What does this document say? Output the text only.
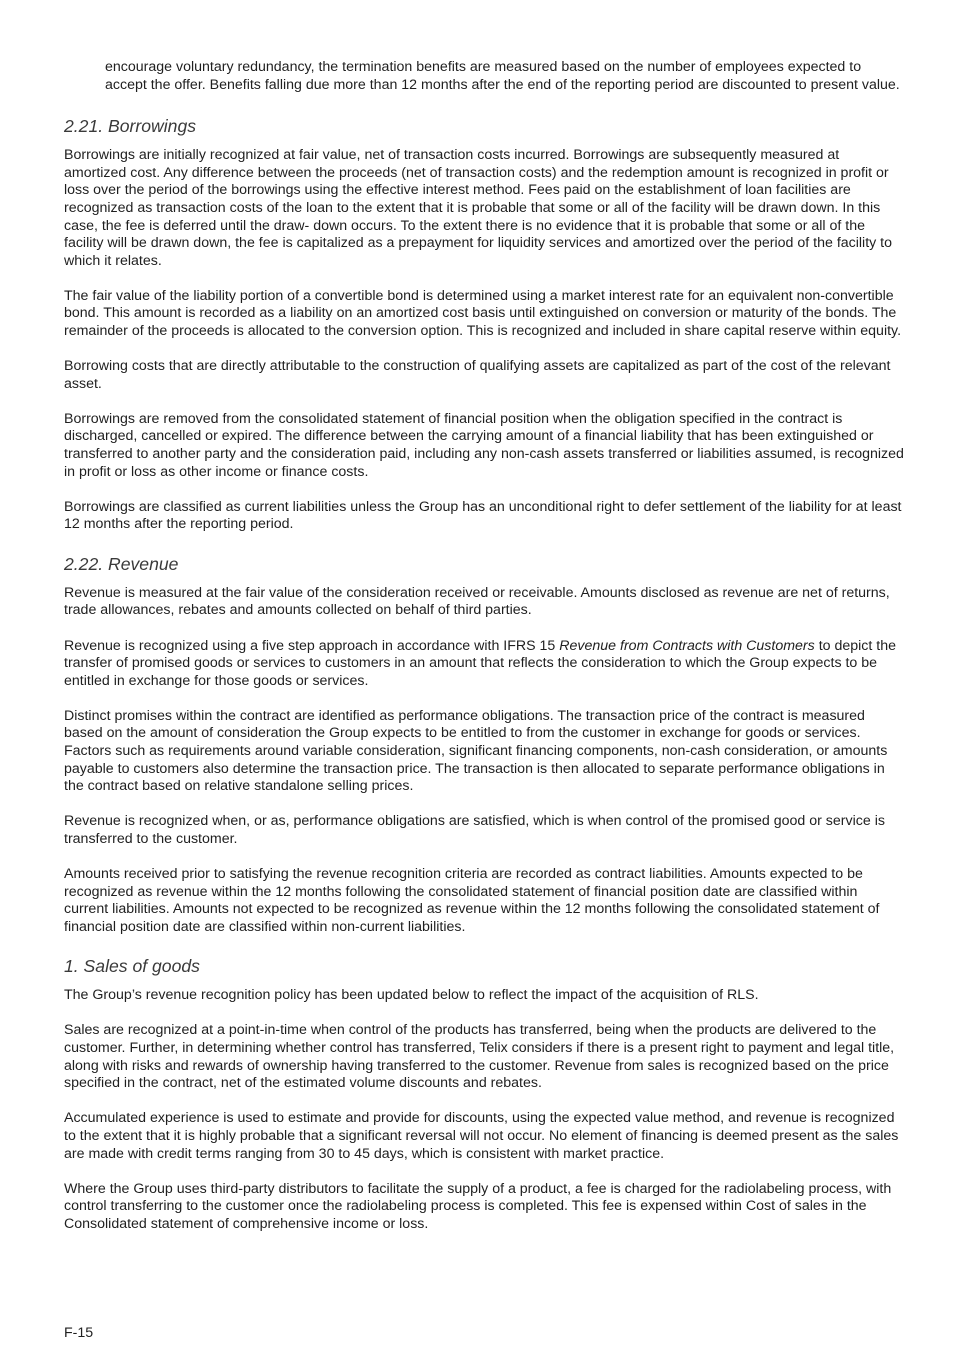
encourage voluntary redundancy, the termination benefits are measured based on the number of employees expected to accept the offer. Benefits falling due more than 12 months after the end of the reporting period are discounted to present value.

2.21. Borrowings

Borrowings are initially recognized at fair value, net of transaction costs incurred. Borrowings are subsequently measured at amortized cost. Any difference between the proceeds (net of transaction costs) and the redemption amount is recognized in profit or loss over the period of the borrowings using the effective interest method. Fees paid on the establishment of loan facilities are recognized as transaction costs of the loan to the extent that it is probable that some or all of the facility will be drawn down. In this case, the fee is deferred until the draw- down occurs. To the extent there is no evidence that it is probable that some or all of the facility will be drawn down, the fee is capitalized as a prepayment for liquidity services and amortized over the period of the facility to which it relates.

The fair value of the liability portion of a convertible bond is determined using a market interest rate for an equivalent non-convertible bond. This amount is recorded as a liability on an amortized cost basis until extinguished on conversion or maturity of the bonds. The remainder of the proceeds is allocated to the conversion option. This is recognized and included in share capital reserve within equity.

Borrowing costs that are directly attributable to the construction of qualifying assets are capitalized as part of the cost of the relevant asset.

Borrowings are removed from the consolidated statement of financial position when the obligation specified in the contract is discharged, cancelled or expired. The difference between the carrying amount of a financial liability that has been extinguished or transferred to another party and the consideration paid, including any non-cash assets transferred or liabilities assumed, is recognized in profit or loss as other income or finance costs.

Borrowings are classified as current liabilities unless the Group has an unconditional right to defer settlement of the liability for at least 12 months after the reporting period.

2.22. Revenue

Revenue is measured at the fair value of the consideration received or receivable. Amounts disclosed as revenue are net of returns, trade allowances, rebates and amounts collected on behalf of third parties.

Revenue is recognized using a five step approach in accordance with IFRS 15 Revenue from Contracts with Customers to depict the transfer of promised goods or services to customers in an amount that reflects the consideration to which the Group expects to be entitled in exchange for those goods or services.

Distinct promises within the contract are identified as performance obligations. The transaction price of the contract is measured based on the amount of consideration the Group expects to be entitled to from the customer in exchange for goods or services. Factors such as requirements around variable consideration, significant financing components, non-cash consideration, or amounts payable to customers also determine the transaction price. The transaction is then allocated to separate performance obligations in the contract based on relative standalone selling prices.

Revenue is recognized when, or as, performance obligations are satisfied, which is when control of the promised good or service is transferred to the customer.

Amounts received prior to satisfying the revenue recognition criteria are recorded as contract liabilities. Amounts expected to be recognized as revenue within the 12 months following the consolidated statement of financial position date are classified within current liabilities. Amounts not expected to be recognized as revenue within the 12 months following the consolidated statement of financial position date are classified within non-current liabilities.

1. Sales of goods

The Group’s revenue recognition policy has been updated below to reflect the impact of the acquisition of RLS.

Sales are recognized at a point-in-time when control of the products has transferred, being when the products are delivered to the customer. Further, in determining whether control has transferred, Telix considers if there is a present right to payment and legal title, along with risks and rewards of ownership having transferred to the customer. Revenue from sales is recognized based on the price specified in the contract, net of the estimated volume discounts and rebates.

Accumulated experience is used to estimate and provide for discounts, using the expected value method, and revenue is recognized to the extent that it is highly probable that a significant reversal will not occur. No element of financing is deemed present as the sales are made with credit terms ranging from 30 to 45 days, which is consistent with market practice.

Where the Group uses third-party distributors to facilitate the supply of a product, a fee is charged for the radiolabeling process, with control transferring to the customer once the radiolabeling process is completed. This fee is expensed within Cost of sales in the Consolidated statement of comprehensive income or loss.

F-15
